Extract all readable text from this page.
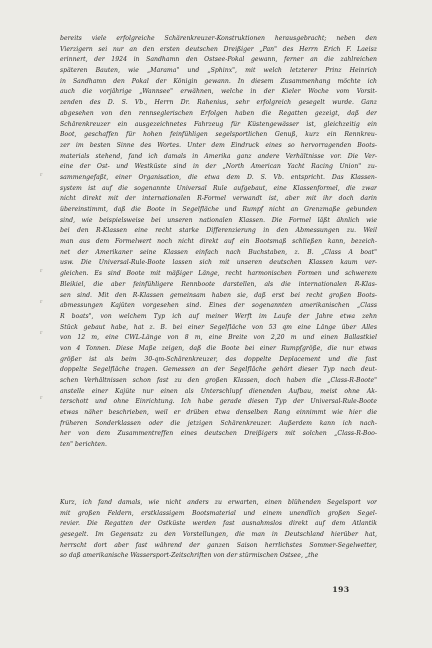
bereits viele erfolgreiche Schärenkreuzer-Konstruktionen herausgebracht; neben den
Vierzigern sei nur an den ersten deutschen Dreißiger „Pan" des Herrn Erich F. Laeisz
erinnert, der 1924 in Sandhamn den Ostsee-Pokal gewann, ferner an die zahlreichen
späteren Bauten, wie „Marama" und „Sphinx", mit welch letzterer Prinz Heinrich
in Sandhamn den Pokal der Königin gewann. In diesem Zusammenhang möchte ich
auch die vorjährige „Wannsee" erwähnen, welche in der Kieler Woche vom Vorsit-
zenden des D. S. Vb., Herrn Dr. Rahenius, sehr erfolgreich gesegelt wurde. Ganz
abgesehen von den rennseglerischen Erfolgen haben die Regatten gezeigt, daß der
Schärenkreuzer ein ausgezeichnetes Fahrzeug für Küstengewässer ist, gleichzeitig ein
Boot, geschaffen für hohen feinfühligen segelsportlichen Genuß, kurz ein Rennkreu-
zer im besten Sinne des Wortes. Unter dem Eindruck eines so hervorragenden Boots-
materials stehend, fand ich damals in Amerika ganz andere Verhältnisse vor. Die Ver-
eine der Ost- und Westküste sind in der „North American Yacht Racing Union" zu-
sammengefaßt, einer Organisation, die etwa dem D. S. Vb. entspricht. Das Klassen-
system ist auf die sogenannte Universal Rule aufgebaut, eine Klassenformel, die zwar
nicht direkt mit der internationalen R-Formel verwandt ist, aber mit ihr doch darin
übereinstimmt, daß die Boote in Segelfläche und Rumpf nicht an Grenzmaße gebunden
sind, wie beispielsweise bei unseren nationalen Klassen. Die Formel läßt ähnlich wie
bei den R-Klassen eine recht starke Differenzierung in den Abmessungen zu. Weil
man aus dem Formelwert noch nicht direkt auf ein Bootsmaß schließen kann, bezeich-
net der Amerikaner seine Klassen einfach nach Buchstaben, z. B. „Class A boat"
usw. Die Universal-Rule-Boote lassen sich mit unseren deutschen Klassen kaum ver-
gleichen. Es sind Boote mit mäßiger Länge, recht harmonischen Formen und schwerem
Bleikiel, die aber feinfühligere Rennboote darstellen, als die internationalen R-Klas-
sen sind. Mit den R-Klassen gemeinsam haben sie, daß erst bei recht großen Boots-
abmessungen Kajüten vorgesehen sind. Eines der sogenannten amerikanischen „Class
R boats", von welchem Typ ich auf meiner Werft im Laufe der Jahre etwa zehn
Stück gebaut habe, hat z. B. bei einer Segelfläche von 53 qm eine Länge über Alles
von 12 m, eine CWL-Länge von 8 m, eine Breite von 2,20 m und einen Ballastkiel
von 4 Tonnen. Diese Maße zeigen, daß die Boote bei einer Rumpfgröße, die nur etwas
größer ist als beim 30-qm-Schärenkreuzer, das doppelte Deplacement und die fast
doppelte Segelfläche tragen. Gemessen an der Segelfläche gehört dieser Typ nach deut-
schen Verhältnissen schon fast zu den großen Klassen, doch haben die „Class-R-Boote"
anstelle einer Kajüte nur einen als Unterschlupf dienenden Aufbau, meist ohne Ak-
terschott und ohne Einrichtung. Ich habe gerade diesen Typ der Universal-Rule-Boote
etwas näher beschrieben, weil er drüben etwa denselben Rang einnimmt wie hier die
früheren Sonderklassen oder die jetzigen Schärenkreuzer. Außerdem kann ich nach-
her von dem Zusammentreffen eines deutschen Dreißigers mit solchen „Class-R-Boo-
ten" berichten.
Kurz, ich fand damals, wie nicht anders zu erwarten, einen blühenden Segelsport vor
mit großen Feldern, erstklassigem Bootsmaterial und einem unendlich großen Segel-
revier. Die Regatten der Ostküste werden fast ausnahmslos direkt auf dem Atlantik
gesegelt. Im Gegensatz zu den Vorstellungen, die man in Deutschland hierüber hat,
herrscht dort aber fast während der ganzen Saison herrlichstes Sommer-Segelwetter,
so daß amerikanische Wassersport-Zeitschriften von der stürmischen Ostsee, „the
r
r
r
r
r
193
